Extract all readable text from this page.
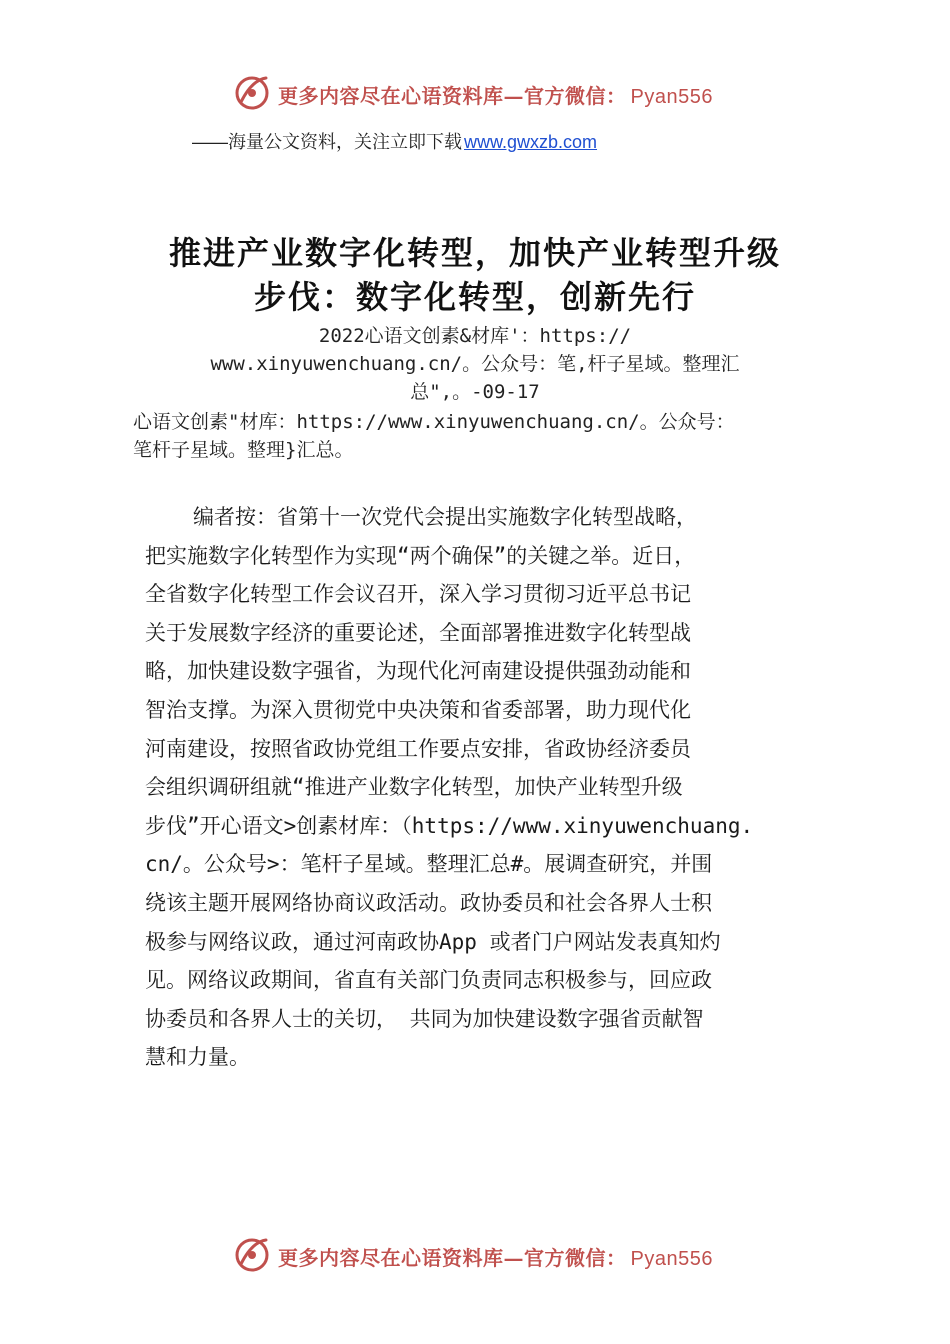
更多内容尽在心语资料库—官方微信： Pyan556
——海量公文资料，关注立即下载 www.gwxzb.com
推进产业数字化转型，加快产业转型升级
步伐：数字化转型，创新先行
2022心语文创素&材库'：https://
www.xinyuwenchuang.cn/。公众号：笔,杆子星域。整理汇
总",。-09-17
心语文创素"材库：https://www.xinyuwenchuang.cn/。公众号：
笔杆子星域。整理}汇总。
编者按：省第十一次党代会提出实施数字化转型战略，
把实施数字化转型作为实现“两个确保”的关键之举。近日，
全省数字化转型工作会议召开，深入学习贯彻习近平总书记
关于发展数字经济的重要论述，全面部署推进数字化转型战
略，加快建设数字强省，为现代化河南建设提供强劲动能和
智治支撑。为深入贯彻党中央决策和省委部署，助力现代化
河南建设，按照省政协党组工作要点安排，省政协经济委员
会组织调研组就“推进产业数字化转型，加快产业转型升级
步伐”开心语文>创素材库：（https://www.xinyuwenchuang.
cn/。公众号>：笔杆子星域。整理汇总#。展调查研究，并围
绕该主题开展网络协商议政活动。政协委员和社会各界人士积
极参与网络议政，通过河南政协App 或者门户网站发表真知灼
见。网络议政期间，省直有关部门负责同志积极参与，回应政
协委员和各界人士的关切， 共同为加快建设数字强省贡献智
慧和力量。
更多内容尽在心语资料库—官方微信： Pyan556
